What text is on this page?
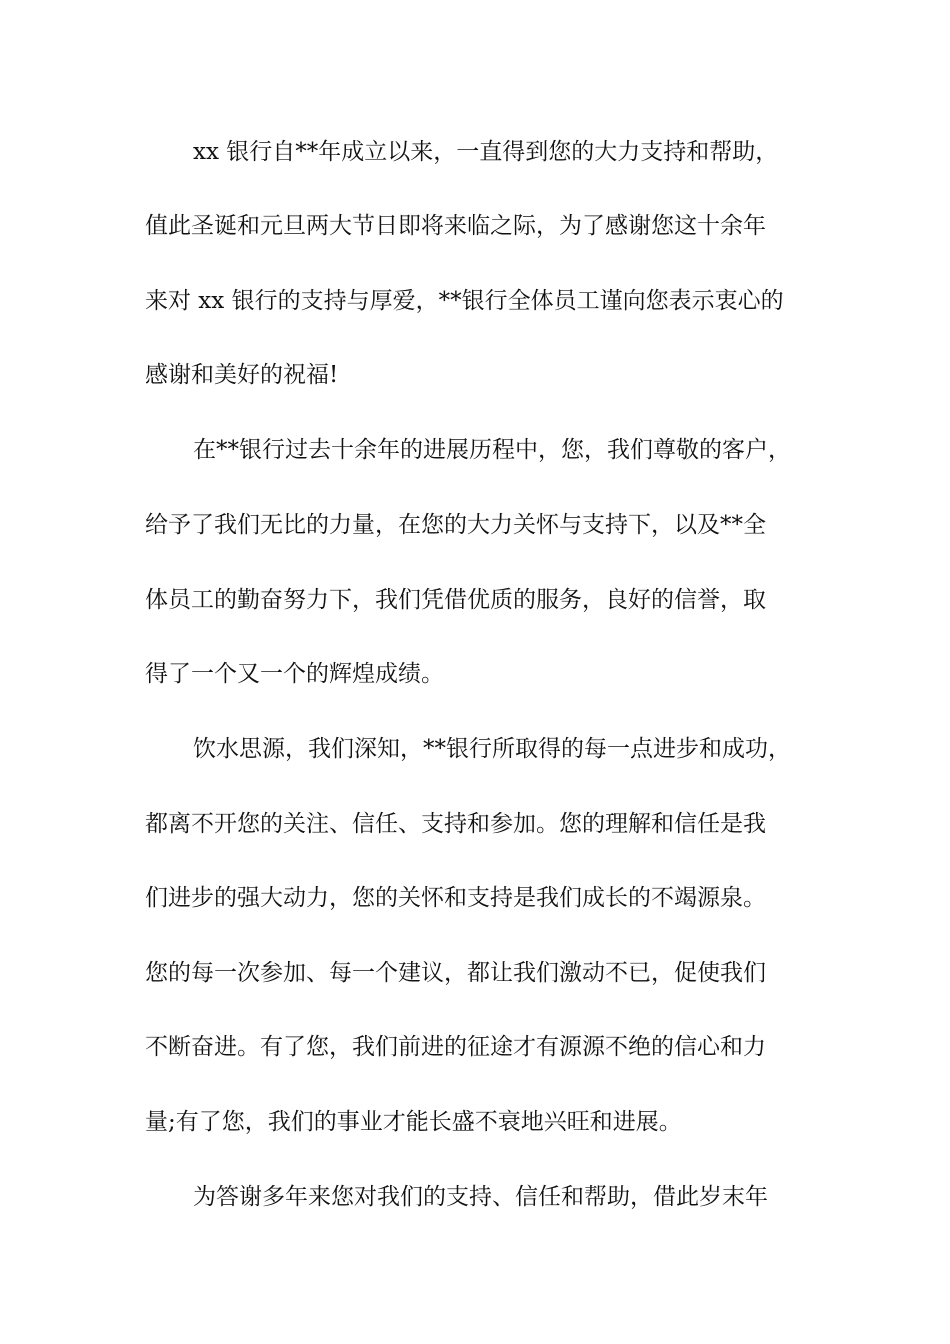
xx 银行自**年成立以来，一直得到您的大力支持和帮助，
值此圣诞和元旦两大节日即将来临之际，为了感谢您这十余年
来对 xx 银行的支持与厚爱，**银行全体员工谨向您表示衷心的
感谢和美好的祝福!
在**银行过去十余年的进展历程中，您，我们尊敬的客户，
给予了我们无比的力量，在您的大力关怀与支持下，以及**全
体员工的勤奋努力下，我们凭借优质的服务，良好的信誉，取
得了一个又一个的辉煌成绩。
饮水思源，我们深知，**银行所取得的每一点进步和成功，
都离不开您的关注、信任、支持和参加。您的理解和信任是我
们进步的强大动力，您的关怀和支持是我们成长的不竭源泉。
您的每一次参加、每一个建议，都让我们激动不已，促使我们
不断奋进。有了您，我们前进的征途才有源源不绝的信心和力
量;有了您，我们的事业才能长盛不衰地兴旺和进展。
为答谢多年来您对我们的支持、信任和帮助，借此岁末年
